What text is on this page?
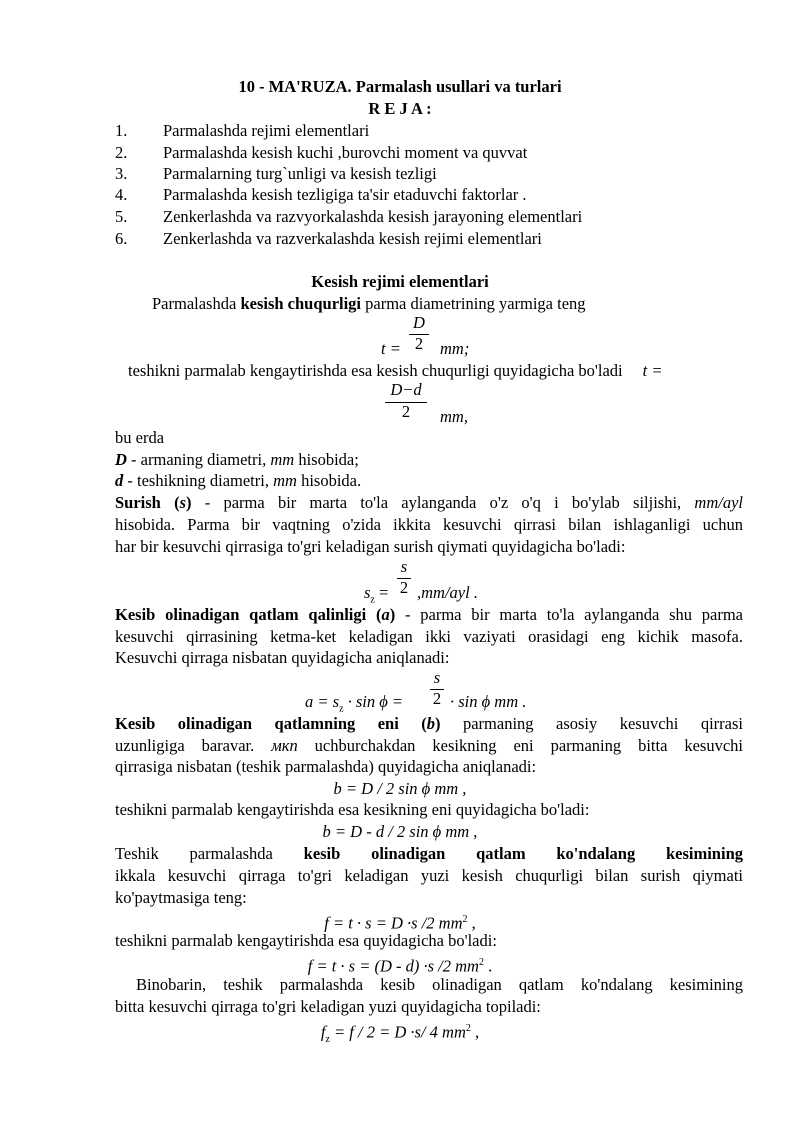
10 - MA'RUZA. Parmalash usullari va turlari
R E J A :
1. Parmalashda rejimi elementlari
2. Parmalashda kesish kuchi ,burovchi moment va quvvat
3. Parmalarning turg`unligi va kesish tezligi
4. Parmalashda kesish tezligiga ta'sir etaduvchi faktorlar .
5. Zenkerlashda va razvyorkalashda kesish jarayoning elementlari
6. Zenkerlashda va razverkalashda kesish rejimi elementlari
Kesish rejimi elementlari
Parmalashda kesish chuqurligi parma diametrining yarmiga teng
D
2
t = mm;
teshikni parmalab kengaytirishda esa kesish chuqurligi quyidagicha bo'ladi t =
D−d
2	mm,
bu erda
D - armaning diametri, mm hisobida;
d - teshikning diametri, mm hisobida.
Surish (s) - parma bir marta to'la aylanganda o'z o'q i bo'ylab siljishi, mm/ayl
hisobida. Parma bir vaqtning o'zida ikkita kesuvchi qirrasi bilan ishlaganligi uchun
har bir kesuvchi qirrasiga to'gri keladigan surish qiymati quyidagicha bo'ladi:
s
2
$s_z = ,mm/ayl$ .
Kesib olinadigan qatlam qalinligi (a) - parma bir marta to'la aylanganda shu parma
kesuvchi qirrasining ketma-ket keladigan ikki vaziyati orasidagi eng kichik masofa.
Kesuvchi qirraga nisbatan quyidagicha aniqlanadi:
$a = s_z \cdot \sin \phi$ =
s
2 · sin ϕ mm .
Kesib olinadigan qatlamning eni (b) parmaning asosiy kesuvchi qirrasi
uzunligiga baravar. мкп uchburchakdan kesikning eni parmaning bitta kesuvchi
qirrasiga nisbatan (teshik parmalashda) quyidagicha aniqlanadi:
b = D / 2 sin ϕ mm ,
teshikni parmalab kengaytirishda esa kesikning eni quyidagicha bo'ladi:
b = D - d / 2 sin ϕ mm ,
Teshik parmalashda kesib olinadigan qatlam ko'ndalang kesimining
ikkala kesuvchi qirraga to'gri keladigan yuzi kesish chuqurligi bilan surish qiymati
ko'paytmasiga teng:
f = t · s = D ·s /2 $mm^2$ ,
teshikni parmalab kengaytirishda esa quyidagicha bo'ladi:
f = t · s = (D - d) ·s /2 $mm^2$ .
Binobarin, teshik parmalashda kesib olinadigan qatlam ko'ndalang kesimining
bitta kesuvchi qirraga to'gri keladigan yuzi quyidagicha topiladi:
$f_z = f / 2 = D \cdot s/$ 4 $mm^2$ ,
